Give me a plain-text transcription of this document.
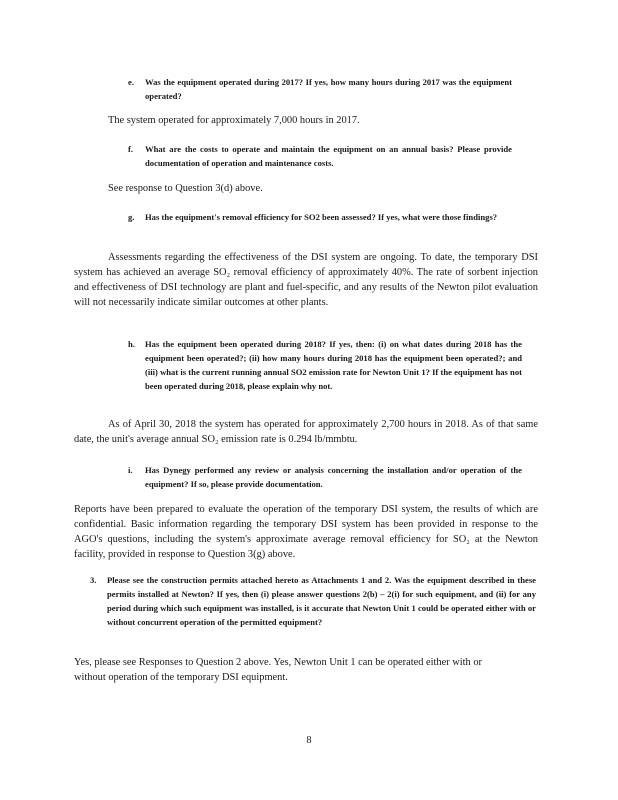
e. Was the equipment operated during 2017? If yes, how many hours during 2017 was the equipment operated?
The system operated for approximately 7,000 hours in 2017.
f. What are the costs to operate and maintain the equipment on an annual basis? Please provide documentation of operation and maintenance costs.
See response to Question 3(d) above.
g. Has the equipment's removal efficiency for SO2 been assessed? If yes, what were those findings?
Assessments regarding the effectiveness of the DSI system are ongoing. To date, the temporary DSI system has achieved an average SO₂ removal efficiency of approximately 40%. The rate of sorbent injection and effectiveness of DSI technology are plant and fuel-specific, and any results of the Newton pilot evaluation will not necessarily indicate similar outcomes at other plants.
h. Has the equipment been operated during 2018? If yes, then: (i) on what dates during 2018 has the equipment been operated?; (ii) how many hours during 2018 has the equipment been operated?; and (iii) what is the current running annual SO2 emission rate for Newton Unit 1? If the equipment has not been operated during 2018, please explain why not.
As of April 30, 2018 the system has operated for approximately 2,700 hours in 2018. As of that same date, the unit's average annual SO₂ emission rate is 0.294 lb/mmbtu.
i. Has Dynegy performed any review or analysis concerning the installation and/or operation of the equipment? If so, please provide documentation.
Reports have been prepared to evaluate the operation of the temporary DSI system, the results of which are confidential. Basic information regarding the temporary DSI system has been provided in response to the AGO's questions, including the system's approximate average removal efficiency for SO₂ at the Newton facility, provided in response to Question 3(g) above.
3. Please see the construction permits attached hereto as Attachments 1 and 2. Was the equipment described in these permits installed at Newton? If yes, then (i) please answer questions 2(b) – 2(i) for such equipment, and (ii) for any period during which such equipment was installed, is it accurate that Newton Unit 1 could be operated either with or without concurrent operation of the permitted equipment?
Yes, please see Responses to Question 2 above. Yes, Newton Unit 1 can be operated either with or without operation of the temporary DSI equipment.
8
